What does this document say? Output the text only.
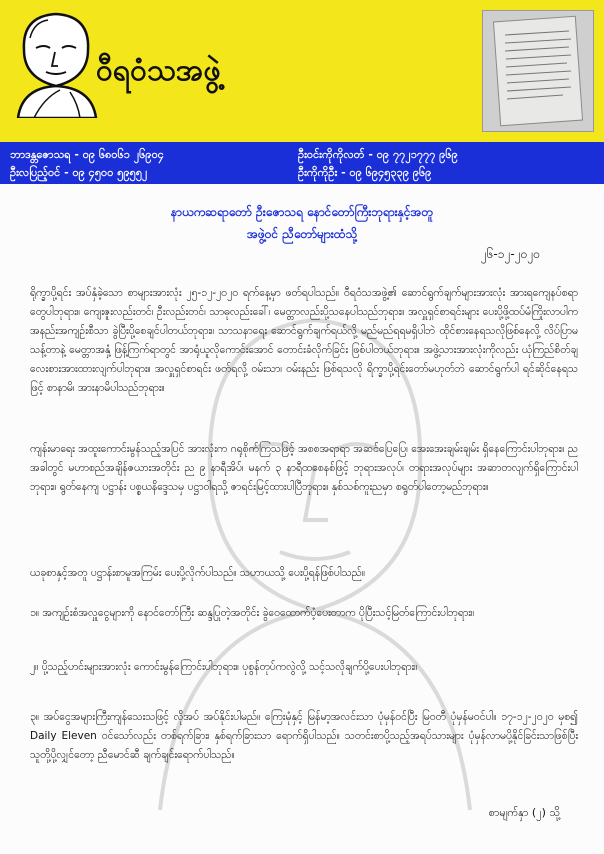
ဝီရဝံသအဖွဲ့
ဘာဒန္တဇောသရ - ၀၉ ၆၈၀၆၁ ၂၆၉၀၄
ဦးလပြည့်ဝင် - ၀၉ ၄၅၀၀ ၅၉၅၅၂
ဦးဝင်းကိုကိုလတ် - ၀၉ ၇၇၂၁၇၇၇ ၉၆၉
ဦးကိုကိုဦး - ၀၉ ၆၉၄၅၃၃၉ ၉၆၉
နာယကဆရာတော် ဦးဇောသရ နောင်တော်ကြီးဘုရားနှင့်အတူ
အဖွဲ့ဝင် ညီတော်များထံသို့
၂၆-၁၂-၂၀၂၀
ရိုက္ခာပို့ရင်း အပ်နှံခဲ့သော စာများအားလုံး ၂၅-၁၂-၂၀၂၀ ရက်နေ့မှာ ဖတ်ရပါသည်။ ဝီရဝံသအဖွဲ့၏ ဆောင်ရွက်ချက်များအားလုံး အားရကျေနပ်စရာတွေပါဘုရား။ ကျေးဇူးလည်းတင်၊ ဦးလည်းတင်၊ သာဓုလည်းခေါ်၊ မေတ္တာလည်းပို့သနေပါသည်ဘုရား။ အလှူရှင်စာရင်းများ ပေးပို့ဖို့ထပ်မံကြိုးလာပါက အနည်းအကျဉ်းစီသာ ခွဲပြီးပို့စေချင်ပါတယ်ဘုရား။ သာသနာရေး ဆောင်ရွက်ချက်ရယ်လို့ မည်မည်ရရမရှိပါဘဲ ထိုင်စားနေရသလိုဖြစ်နေလို့ လိပ်ပြာမသန့်တာနဲ့ မေတ္တာအနှံ့ ဖြန့်ကြက်ရာတွင် အာရုံယူလိုကောင်းအောင် တောင်းခံလိုက်ခြင်း ဖြစ်ပါတယ်ဘုရား။ အဖွဲ့သားအားလုံးကိုလည်း ယုံကြည်စိတ်ချ လေးစားအားထားလျက်ပါဘုရား။ အလှူရှင်စာရင်း ဖတ်ရလို့ ဝမ်းသာ၊ ဝမ်းနည်း ဖြစ်ရသလို ရိက္ခာပို့ရင်းတော်မဟုတ်ဘဲ ဆောင်ရွက်ပါ ရင်ဆိုင်နေရသဖြင့် စာနာမိ၊ အားနာမိပါသည်ဘုရား။
ကျန်းမာရေး အထူးကောင်းမွန်သည့်အပြင် အားလုံးက ဂရုစိုက်ကြသဖြင့် အစစအရာရာ အဆင်ပြေပြေ၊ အေးအေးချမ်းချမ်း ရှိနေကြောင်းပါဘုရား။ ညအခါတွင် မဟာစည်အချိန်ဇယားအတိုင်း ည ၉ နာရီအိပ်၊ မနက် ၃ နာရီထစေနစ်ဖြင့် ဘုရားအလုပ်၊ တရားအလုပ်များ အဆာတလျက်ရှိကြောင်းပါဘုရား။ ရွတ်နေကျ ပဋ္ဌာန်း ပစ္စယနိဒ္ဒေသမှ ပဋ္ဌာဝါရသို့ ဇာရင်းမြင့်ထားပါပြီဘုရား။ နှစ်သစ်ကူးညမှာ စရွတ်ပါတော့မည်ဘုရား။
ယခုစာနှင့်အတူ ပဋ္ဌာန်းစာမူအကြမ်း ပေးပို့လိုက်ပါသည်။ သဟာယသို့ ပေးပို့ရန်ဖြစ်ပါသည်။
၁။ အကျဉ်းစံအလှူငွေများကို နောင်တော်ကြီး ဆန္ဒပြုတဲ့အတိုင်း ခွဲဝေထောက်ပံ့ပေးတာက ပိုပြီးသင့်မြတ်ကြောင်းပါဘုရား။
၂။ ပို့သည့်ဟင်းများအားလုံး ကောင်းမွန်ကြောင်းပါဘုရား။ ပုစွန်တုပ်ကလွဲလို့ သင့်သလိုချက်ပို့ပေးပါဘုရား။
၃။ အပ်ငွေအများကြီးကျန်သေးသဖြင့် လိုအပ် အပ်နိုင်းပါမည်။ ကြေးမုံနှင့် မြန်မာ့အလင်းသာ ပုံမှန်ဝင်ပြီး မြဝတီ ပုံမှန်မဝင်ပါ။ ၁၇-၁၂-၂၀၂၀ မှစ၍ Daily Eleven ဝင်သော်လည်း တစ်ရက်ခြား၊ နှစ်ရက်ခြားသာ ရောက်ရှိပါသည်။ သတင်းစာပို့သည့်အရပ်သားများ ပုံမှန်လာမပို့နိုင်ခြင်းသာဖြစ်ပြီး သူတို့ပို့လျှင်တော့ ညီမောင်ဆီ ချက်ချင်းရောက်ပါသည်။
စာမျက်နှာ (၂) သို့
